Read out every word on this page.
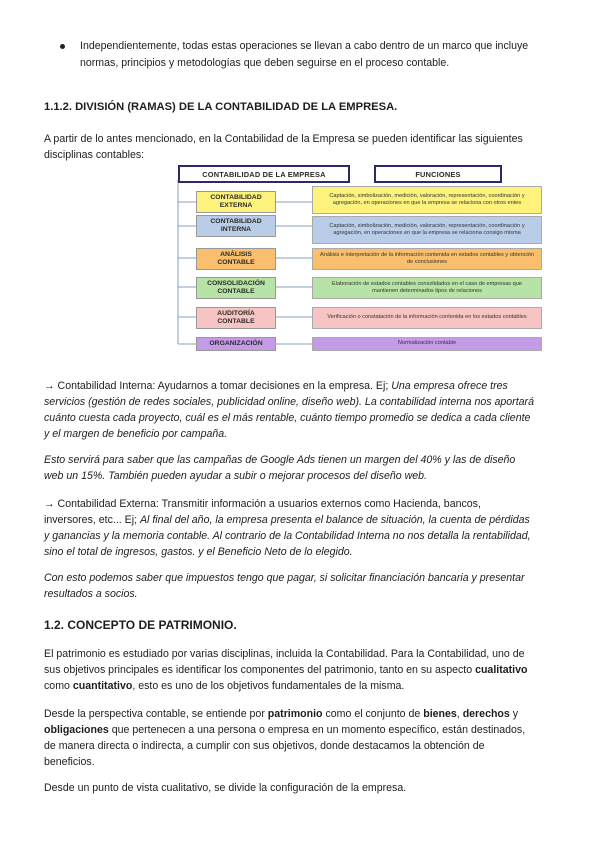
Independientemente, todas estas operaciones se llevan a cabo dentro de un marco que incluye
normas, principios y metodologías que deben seguirse en el proceso contable.
1.1.2. DIVISIÓN (RAMAS) DE LA CONTABILIDAD DE LA EMPRESA.
A partir de lo antes mencionado, en la Contabilidad de la Empresa se pueden identificar las siguientes
disciplinas contables:
CONTABILIDAD DE LA EMPRESA	FUNCIONES
CONTABILIDAD
EXTERNA
Captación, simbolización, medición, valoración, representación, coordinación y agregación, en operaciones en que la empresa se relaciona con otros entes
CONTABILIDAD
INTERNA
Captación, simbolización, medición, valoración, representación, coordinación y agregación, en operaciones en que la empresa se relaciona consigo misma
ANÁLISIS
CONTABLE
Análisis e interpretación de la información contenida en estados contables y obtención de conclusiones
CONSOLIDACIÓN
CONTABLE
Elaboración de estados contables consolidados en el caso de empresas que mantienen determinados tipos de relaciones
AUDITORÍA
CONTABLE
Verificación o constatación de la información contenida en los estados contables
ORGANIZACIÓN	Normalización contable
→ Contabilidad Interna: Ayudarnos a tomar decisiones en la empresa. Ej; Una empresa ofrece tres
servicios (gestión de redes sociales, publicidad online, diseño web). La contabilidad interna nos aportará
cuánto cuesta cada proyecto, cuál es el más rentable, cuánto tiempo promedio se dedica a cada cliente
y el margen de beneficio por campaña.
Esto servirá para saber que las campañas de Google Ads tienen un margen del 40% y las de diseño
web un 15%. También pueden ayudar a subir o mejorar procesos del diseño web.
→ Contabilidad Externa: Transmitir información a usuarios externos como Hacienda, bancos,
inversores, etc... Ej; Al final del año, la empresa presenta el balance de situación, la cuenta de pérdidas
y ganancias y la memoria contable. Al contrario de la Contabilidad Interna no nos detalla la rentabilidad,
sino el total de ingresos, gastos. y el Beneficio Neto de lo elegido.
Con esto podemos saber que impuestos tengo que pagar, si solicitar financiación bancaria y presentar
resultados a socios.
1.2. CONCEPTO DE PATRIMONIO.
El patrimonio es estudiado por varias disciplinas, incluida la Contabilidad. Para la Contabilidad, uno de
sus objetivos principales es identificar los componentes del patrimonio, tanto en su aspecto cualitativo
como cuantitativo, esto es uno de los objetivos fundamentales de la misma.
Desde la perspectiva contable, se entiende por patrimonio como el conjunto de bienes, derechos y
obligaciones que pertenecen a una persona o empresa en un momento específico, están destinados,
de manera directa o indirecta, a cumplir con sus objetivos, donde destacamos la obtención de
beneficios.
Desde un punto de vista cualitativo, se divide la configuración de la empresa.
